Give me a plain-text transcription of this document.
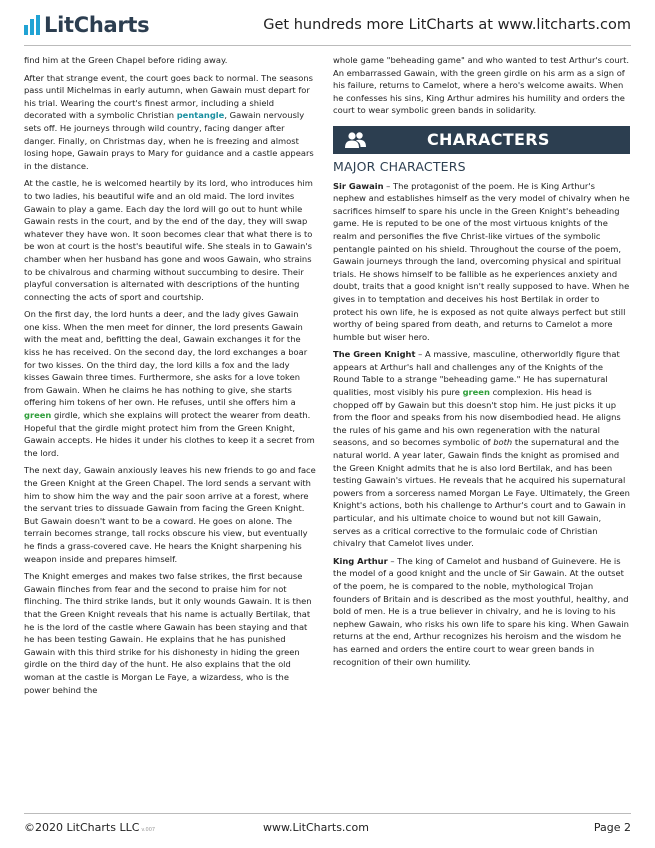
LitCharts	Get hundreds more LitCharts at www.litcharts.com

find him at the Green Chapel before riding away.

After that strange event, the court goes back to normal. The seasons pass until Michelmas in early autumn, when Gawain must depart for his trial. Wearing the court's finest armor, including a shield decorated with a symbolic Christian pentangle, Gawain nervously sets off. He journeys through wild country, facing danger after danger. Finally, on Christmas day, when he is freezing and almost losing hope, Gawain prays to Mary for guidance and a castle appears in the distance.

At the castle, he is welcomed heartily by its lord, who introduces him to two ladies, his beautiful wife and an old maid. The lord invites Gawain to play a game. Each day the lord will go out to hunt while Gawain rests in the court, and by the end of the day, they will swap whatever they have won. It soon becomes clear that what there is to be won at court is the host's beautiful wife. She steals in to Gawain's chamber when her husband has gone and woos Gawain, who strains to be chivalrous and charming without succumbing to desire. Their playful conversation is alternated with descriptions of the hunting connecting the acts of sport and courtship.

On the first day, the lord hunts a deer, and the lady gives Gawain one kiss. When the men meet for dinner, the lord presents Gawain with the meat and, befitting the deal, Gawain exchanges it for the kiss he has received. On the second day, the lord exchanges a boar for two kisses. On the third day, the lord kills a fox and the lady kisses Gawain three times. Furthermore, she asks for a love token from Gawain. When he claims he has nothing to give, she starts offering him tokens of her own. He refuses, until she offers him a green girdle, which she explains will protect the wearer from death. Hopeful that the girdle might protect him from the Green Knight, Gawain accepts. He hides it under his clothes to keep it a secret from the lord.

The next day, Gawain anxiously leaves his new friends to go and face the Green Knight at the Green Chapel. The lord sends a servant with him to show him the way and the pair soon arrive at a forest, where the servant tries to dissuade Gawain from facing the Green Knight. But Gawain doesn't want to be a coward. He goes on alone. The terrain becomes strange, tall rocks obscure his view, but eventually he finds a grass-covered cave. He hears the Knight sharpening his weapon inside and prepares himself.

The Knight emerges and makes two false strikes, the first because Gawain flinches from fear and the second to praise him for not flinching. The third strike lands, but it only wounds Gawain. It is then that the Green Knight reveals that his name is actually Bertilak, that he is the lord of the castle where Gawain has been staying and that he has been testing Gawain. He explains that he has punished Gawain with this third strike for his dishonesty in hiding the green girdle on the third day of the hunt. He also explains that the old woman at the castle is Morgan Le Faye, a wizardess, who is the power behind the

whole game "beheading game" and who wanted to test Arthur's court. An embarrassed Gawain, with the green girdle on his arm as a sign of his failure, returns to Camelot, where a hero's welcome awaits. When he confesses his sins, King Arthur admires his humility and orders the court to wear symbolic green bands in solidarity.

CHARACTERS
MAJOR CHARACTERS

Sir Gawain – The protagonist of the poem. He is King Arthur's nephew and establishes himself as the very model of chivalry when he sacrifices himself to spare his uncle in the Green Knight's beheading game. He is reputed to be one of the most virtuous knights of the realm and personifies the five Christ-like virtues of the symbolic pentangle painted on his shield. Throughout the course of the poem, Gawain journeys through the land, overcoming physical and spiritual trials. He shows himself to be fallible as he experiences anxiety and doubt, traits that a good knight isn't really supposed to have. When he gives in to temptation and deceives his host Bertilak in order to protect his own life, he is exposed as not quite always perfect but still worthy of being spared from death, and returns to Camelot a more humble but wiser hero.

The Green Knight – A massive, masculine, otherworldly figure that appears at Arthur's hall and challenges any of the Knights of the Round Table to a strange "beheading game." He has supernatural qualities, most visibly his pure green complexion. His head is chopped off by Gawain but this doesn't stop him. He just picks it up from the floor and speaks from his now disembodied head. He aligns the rules of his game and his own regeneration with the natural seasons, and so becomes symbolic of both the supernatural and the natural world. A year later, Gawain finds the knight as promised and the Green Knight admits that he is also lord Bertilak, and has been testing Gawain's virtues. He reveals that he acquired his supernatural powers from a sorceress named Morgan Le Faye. Ultimately, the Green Knight's actions, both his challenge to Arthur's court and to Gawain in particular, and his ultimate choice to wound but not kill Gawain, serves as a critical corrective to the formulaic code of Christian chivalry that Camelot lives under.

King Arthur – The king of Camelot and husband of Guinevere. He is the model of a good knight and the uncle of Sir Gawain. At the outset of the poem, he is compared to the noble, mythological Trojan founders of Britain and is described as the most youthful, healthy, and bold of men. He is a true believer in chivalry, and he is loving to his nephew Gawain, who risks his own life to spare his king. When Gawain returns at the end, Arthur recognizes his heroism and the wisdom he has earned and orders the entire court to wear green bands in recognition of their own humility.

©2020 LitCharts LLC v.007	www.LitCharts.com	Page 2
